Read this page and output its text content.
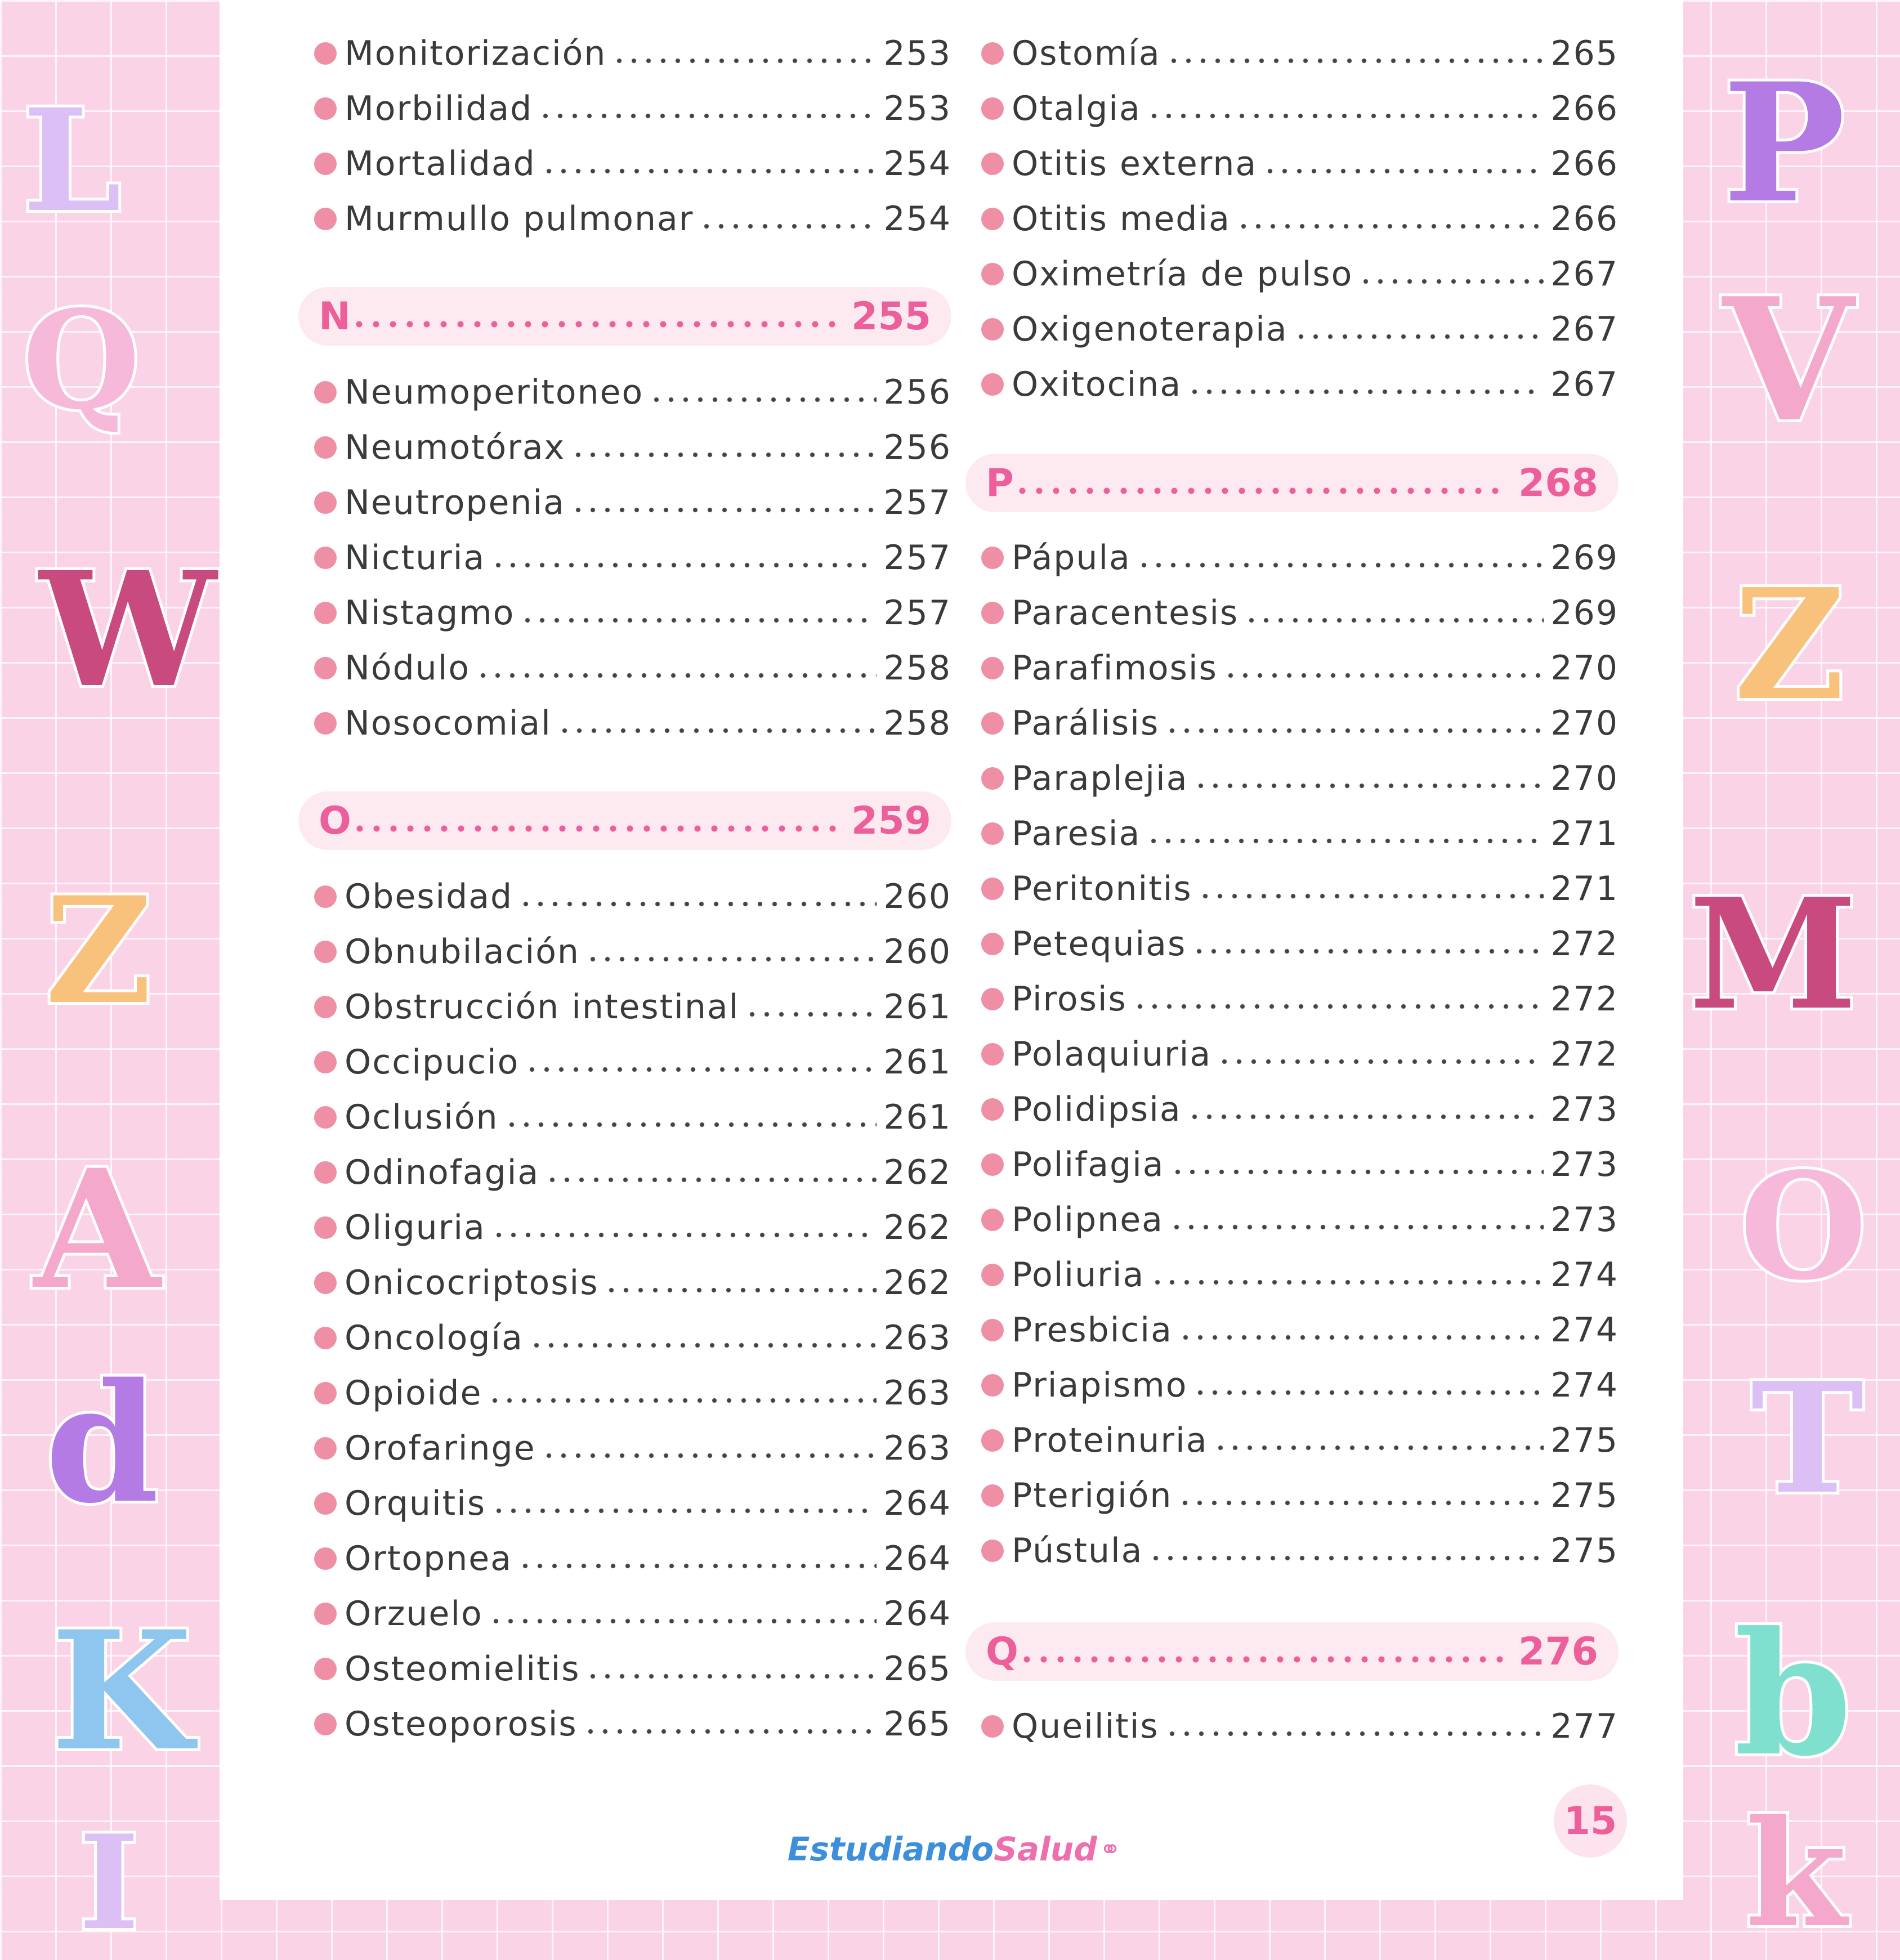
L
Q
W
Z
A
d
K
I
P
V
Z
M
O
T
b
k
Monitorización	253
Morbilidad	253
Mortalidad	254
Murmullo pulmonar	254
N	255
Neumoperitoneo	256
Neumotórax	256
Neutropenia	257
Nicturia	257
Nistagmo	257
Nódulo	258
Nosocomial	258
O	259
Obesidad	260
Obnubilación	260
Obstrucción intestinal	261
Occipucio	261
Oclusión	261
Odinofagia	262
Oliguria	262
Onicocriptosis	262
Oncología	263
Opioide	263
Orofaringe	263
Orquitis	264
Ortopnea	264
Orzuelo	264
Osteomielitis	265
Osteoporosis	265
Ostomía	265
Otalgia	266
Otitis externa	266
Otitis media	266
Oximetría de pulso	267
Oxigenoterapia	267
Oxitocina	267
P	268
Pápula	269
Paracentesis	269
Parafimosis	270
Parálisis	270
Paraplejia	270
Paresia	271
Peritonitis	271
Petequias	272
Pirosis	272
Polaquiuria	272
Polidipsia	273
Polifagia	273
Polipnea	273
Poliuria	274
Presbicia	274
Priapismo	274
Proteinuria	275
Pterigión	275
Pústula	275
Q	276
Queilitis	277
Estudiando Salud ⚭
15
